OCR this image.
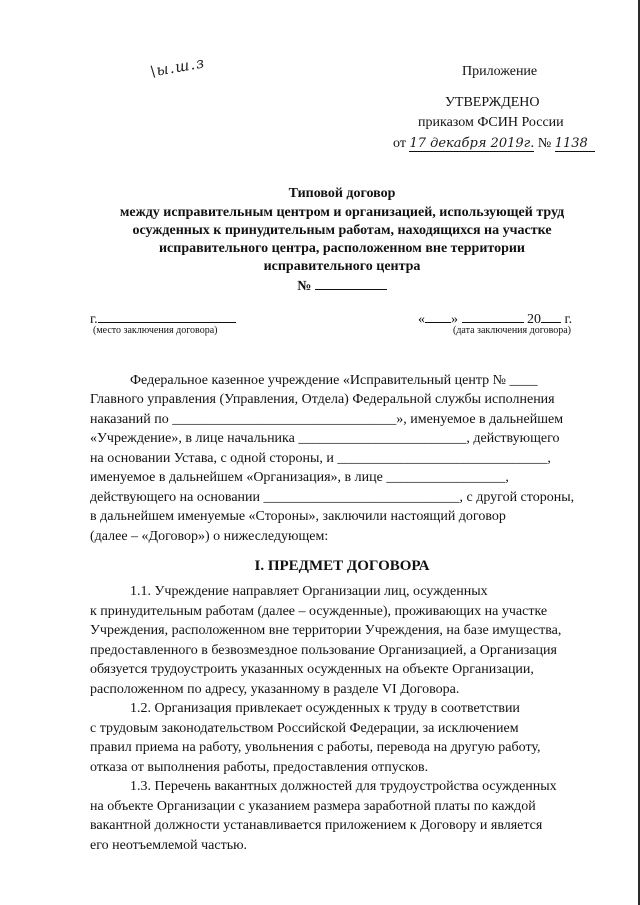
\ы.ш.з	Приложение
УТВЕРЖДЕНО
приказом ФСИН России
от 17 декабря 2019г. № 1138
Типовой договор
между исправительным центром и организацией, использующей труд
осужденных к принудительным работам, находящихся на участке
исправительного центра, расположенном вне территории
исправительного центра
№
г.
(место заключения договора)
« »	20 г.
(дата заключения договора)
Федеральное казенное учреждение «Исправительный центр № ____
Главного управления (Управления, Отдела) Федеральной службы исполнения
наказаний по ________________________________», именуемое в дальнейшем
«Учреждение», в лице начальника ________________________, действующего
на основании Устава, с одной стороны, и ______________________________,
именуемое в дальнейшем «Организация», в лице _________________,
действующего на основании ____________________________, с другой стороны,
в дальнейшем именуемые «Стороны», заключили настоящий договор
(далее – «Договор») о нижеследующем:
I. ПРЕДМЕТ ДОГОВОРА
1.1. Учреждение направляет Организации лиц, осужденных
к принудительным работам (далее – осужденные), проживающих на участке
Учреждения, расположенном вне территории Учреждения, на базе имущества,
предоставленного в безвозмездное пользование Организацией, а Организация
обязуется трудоустроить указанных осужденных на объекте Организации,
расположенном по адресу, указанному в разделе VI Договора.
1.2. Организация привлекает осужденных к труду в соответствии
с трудовым законодательством Российской Федерации, за исключением
правил приема на работу, увольнения с работы, перевода на другую работу,
отказа от выполнения работы, предоставления отпусков.
1.3. Перечень вакантных должностей для трудоустройства осужденных
на объекте Организации с указанием размера заработной платы по каждой
вакантной должности устанавливается приложением к Договору и является
его неотъемлемой частью.
